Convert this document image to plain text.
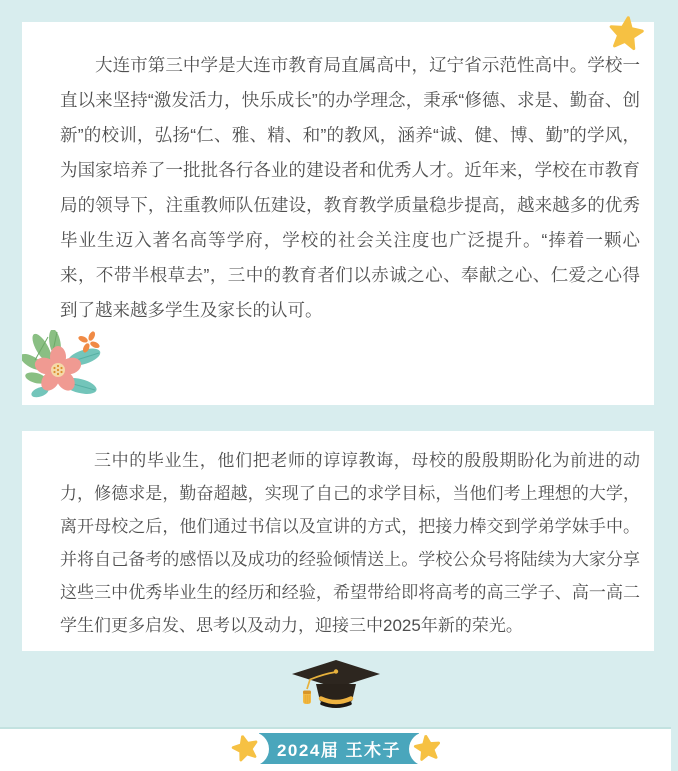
大连市第三中学是大连市教育局直属高中，辽宁省示范性高中。学校一直以来坚持“激发活力，快乐成长”的办学理念，秉承“修德、求是、勤奋、创新”的校训，弘扬“仁、雅、精、和”的教风，涵养“诚、健、博、勤”的学风，为国家培养了一批批各行各业的建设者和优秀人才。近年来，学校在市教育局的领导下，注重教师队伍建设，教育教学质量稳步提高，越来越多的优秀毕业生迈入著名高等学府，学校的社会关注度也广泛提升。“捧着一颗心来，不带半根草去”，三中的教育者们以赤诚之心、奉献之心、仁爱之心得到了越来越多学生及家长的认可。

三中的毕业生，他们把老师的谆谆教诲，母校的殷殷期盼化为前进的动力，修德求是，勤奋超越，实现了自己的求学目标，当他们考上理想的大学，离开母校之后，他们通过书信以及宣讲的方式，把接力棒交到学弟学妹手中。并将自己备考的感悟以及成功的经验倾情送上。学校公众号将陆续为大家分享这些三中优秀毕业生的经历和经验，希望带给即将高考的高三学子、高一高二学生们更多启发、思考以及动力，迎接三中2025年新的荣光。

2024届 王木子
